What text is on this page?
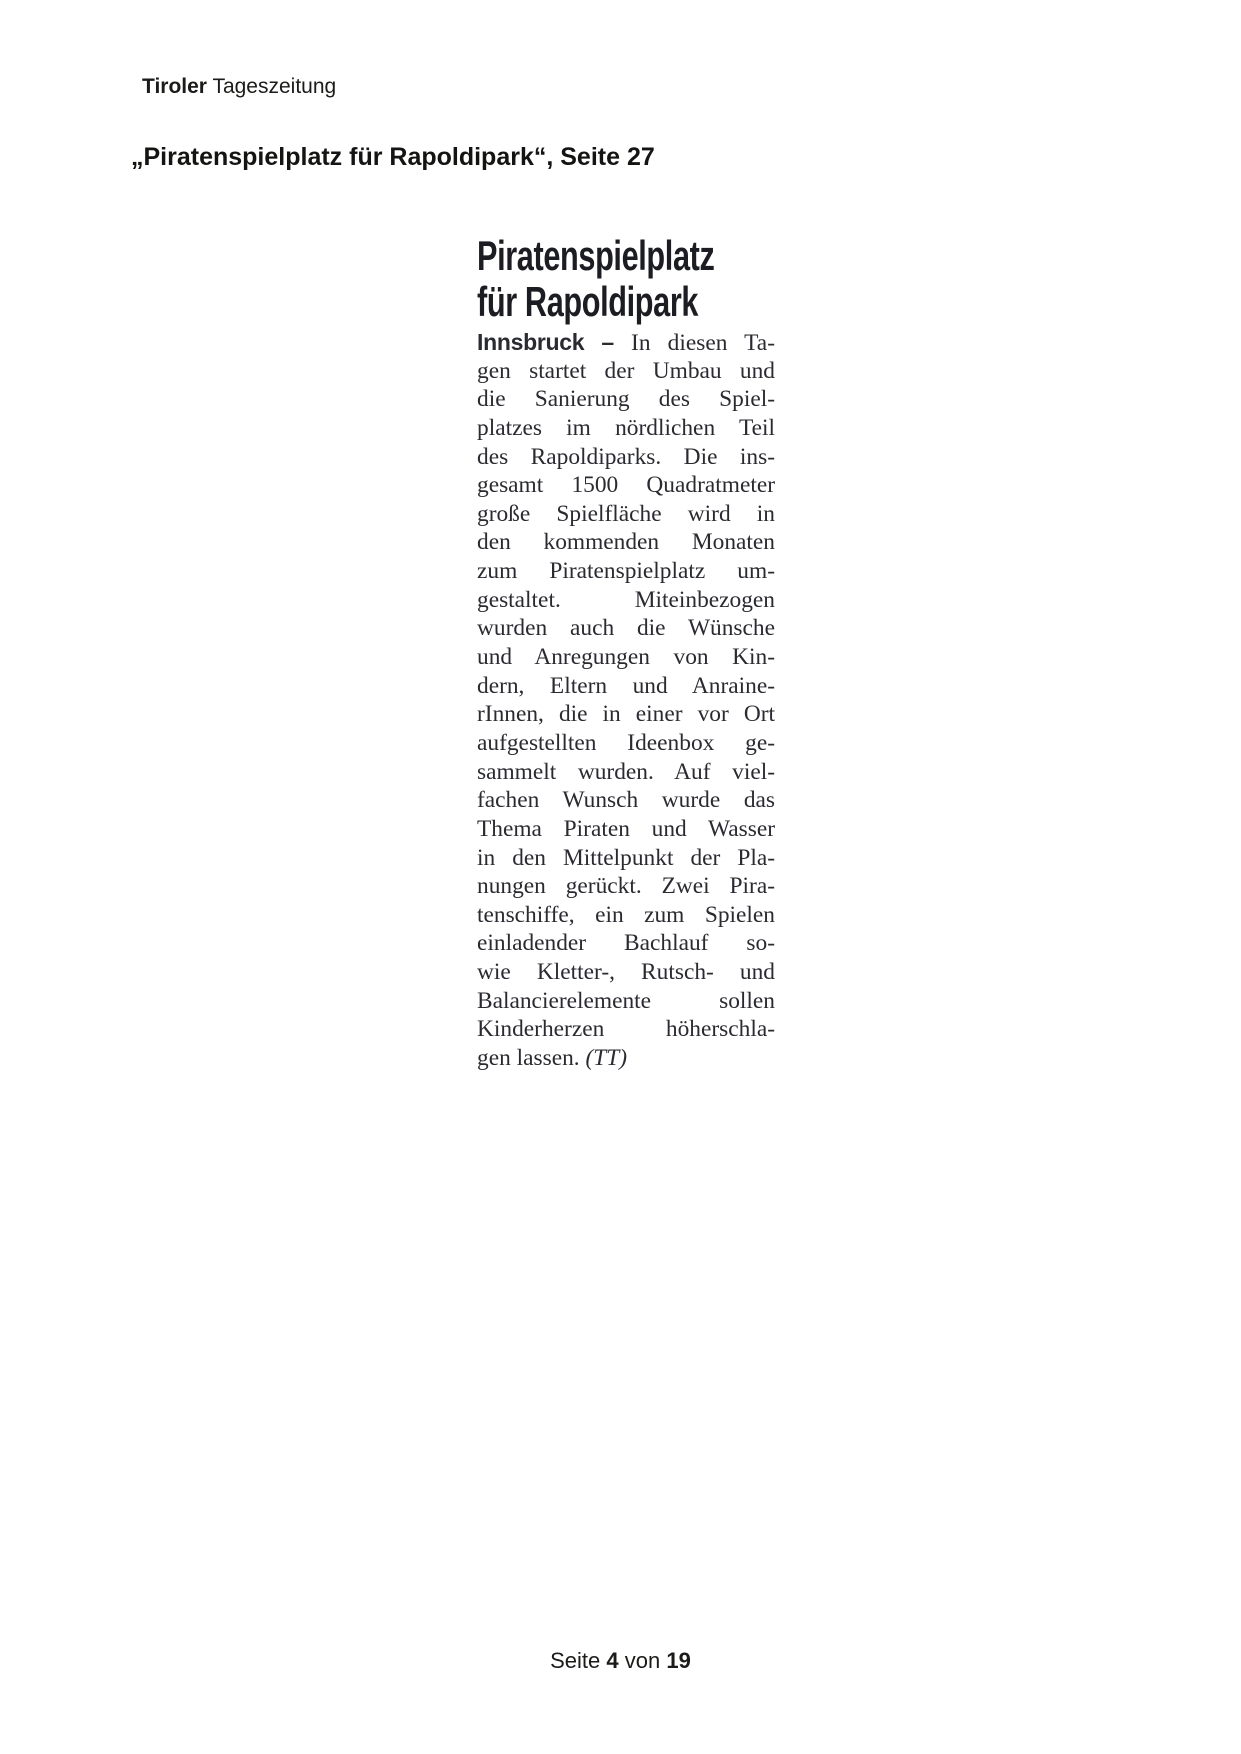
Tiroler Tageszeitung
„Piratenspielplatz für Rapoldipark“, Seite 27
Piratenspielplatz
für Rapoldipark
Innsbruck – In diesen Ta-
gen startet der Umbau und
die Sanierung des Spiel-
platzes im nördlichen Teil
des Rapoldiparks. Die ins-
gesamt 1500 Quadratmeter
große Spielfläche wird in
den kommenden Monaten
zum Piratenspielplatz um-
gestaltet. Miteinbezogen
wurden auch die Wünsche
und Anregungen von Kin-
dern, Eltern und Anraine-
rInnen, die in einer vor Ort
aufgestellten Ideenbox ge-
sammelt wurden. Auf viel-
fachen Wunsch wurde das
Thema Piraten und Wasser
in den Mittelpunkt der Pla-
nungen gerückt. Zwei Pira-
tenschiffe, ein zum Spielen
einladender Bachlauf so-
wie Kletter-, Rutsch- und
Balancierelemente sollen
Kinderherzen höherschla-
gen lassen. (TT)
Seite 4 von 19
